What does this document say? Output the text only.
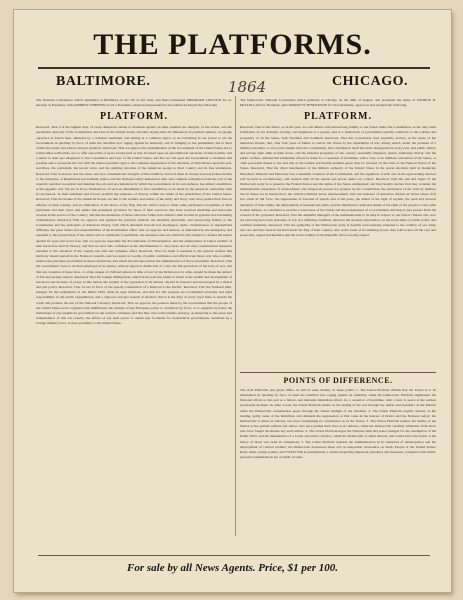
THE PLATFORMS.
1864
BALTIMORE.
The National Convention which assembled at Baltimore on the 7th of last June, and there nominated ABRAHAM LINCOLN for re-election as President, with ANDREW JOHNSON as Vice-President, adopted and presented to the American People the following
PLATFORM.
Resolved, That it is the highest duty of every American citizen to maintain against all their enemies the integrity of the Union, and the paramount authority of the Constitution and laws of the United States; and that, laying aside all differences of political opinion, we pledge ourselves as Union men, animated by a common sentiment, and aiming at a common object, to do everything in our power to aid the Government in quelling by force of arms the rebellion now raging against its authority, and in bringing to the punishment due to their crimes the rebels and traitors arrayed against it. Resolved, That we approve the determination of the Government of the United States not to compromise with rebels, nor to offer any terms of peace except such as may be based upon an unconditional surrender of their hostility and a return to their just allegiance to the Constitution and laws of the United States, and that we call upon the Government to maintain this position and to prosecute the war with the utmost possible vigor to the complete suppression of the rebellion, in full reliance upon the self-sacrifices, the patriotism, the heroic valor, and the undying devotion of the American people to their country and its free institutions. Resolved, That as slavery was the cause, and now constitutes the strength, of this rebellion, and as it must be always and everywhere hostile to the principles of Republican Government, justice and the National safety demand its utter and complete extirpation from the soil of the republic; and that we uphold and maintain the acts and proclamations by which the Government, in its own defence, has aimed a deathblow at this gigantic evil. We are in favor, furthermore, of such an amendment to the Constitution, to be made by the people in conformity with its provisions, as shall terminate and forever prohibit the existence of Slavery within the limits of the jurisdiction of the United States. Resolved, That the thanks of the American People are due to the soldiers and sailors of the Army and Navy, who have periled their lives in defence of their country, and in vindication of the honor of the flag; that the nation owes to them some permanent recognition of their patriotism and their valor, and ample and permanent provision for those of their survivors who have received disabling and honorable wounds in the service of the country; and that the memories of those who have fallen in its defence shall be held in grateful and everlasting remembrance. Resolved, That we approve and applaud the practical wisdom, the unselfish patriotism, and unswerving fidelity to the Constitution and the principles of American liberty, with which Abraham Lincoln has discharged, under circumstances of unparalleled difficulty, the great duties and responsibilities of the Presidential office; that we approve and indorse, as demanded by the emergency and essential to the preservation of the nation and as within the Constitution, the measures and acts which he has adopted to defend the nation against its open and secret foes; that we approve especially the Proclamation of Emancipation, and the employment as Union soldiers of men heretofore held in Slavery; and that we have full confidence in his determination to carry these and all other constitutional measures essential to the salvation of the country into full and complete effect. Resolved, That we deem it essential to the general welfare that harmony should prevail in the National councils, and we regard as worthy of public confidence and official trust those only who cordially indorse the principles proclaimed in these resolutions, and which should characterize the administration of the Government. Resolved, That the Government owes to all men employed in its armies, without regard to distinction of color, the full protection of the laws of war; and that any violation of these laws, or of the usages of civilized nations in time of war by the Rebels now in arms, should be made the subject of full and prompt redress. Resolved, That the foreign immigration, which in the past has added so much to the wealth and development of resources and increase of power to this nation, the asylum of the oppressed of all nations, should be fostered and encouraged by a liberal and just policy. Resolved, That we are in favor of the speedy construction of a Railroad to the Pacific. Resolved, That the National faith, pledged for the redemption of the Public Debt, must be kept inviolate, and that for this purpose we recommend economy and rigid responsibility in the public expenditures, and a vigorous and just system of taxation; that it is the duty of every loyal State to sustain the credit and promote the use of the National Currency. Resolved, That we approve the position taken by the Government that the people of the United States never regarded with indifference the attempt of any European power to overthrow by force, or to supplant by fraud, the institutions of any republican government on the western continent, and that they view with extreme jealousy, as menacing to the peace and independence of this our country, the efforts of any such power to obtain new footholds for monarchical governments, sustained by a foreign military force, in near proximity to the United States.
CHICAGO.
The Democratic National Convention which gathered at Chicago on the 29th of August, and presented the name of GEORGE B. McCLELLAN for President, and GEORGE H. PENDLETON for Vice-President, agreed on and adopted the following
PLATFORM.
Resolved, That in the future, as in the past, we will adhere with unswerving fidelity to the Union under the Constitution, as the only solid foundation of our strength, security, and happiness as a people, and as a framework of government equally conducive to the welfare and prosperity of all the States, both Northern and Southern. Resolved, That this Convention does explicitly declare, as the sense of the American People, that, after four years of failure to restore the Union by the experiment of war, during which, under the pretense of a military necessity or war power higher than the Constitution, the Constitution itself has been disregarded in every part, and public liberty and private right alike trodden down, and the material prosperity of the country essentially impaired, justice, humanity, liberty, and the public welfare, demand that immediate efforts be made for a cessation of hostilities, with a view to an ultimate convention of the States, or other peaceable means to the end that at the earliest practicable moment peace may be restored on the basis of the Federal Union of the States. Resolved, That the direct interference of the military authority of the United States in the recent elections held in Kentucky, Maryland, Missouri and Delaware was a shameful violation of the Constitution, and the repetition of such acts in the approaching election will be held as revolutionary, and resisted with all the means and power under our control. Resolved, That the aim and object of the Democratic party is to preserve the Federal Union and the rights of the States unimpaired; and they hereby declare that they consider the administrative usurpation of extraordinary and dangerous powers not granted by the Constitution, the subversion of the civil by military law in States not in insurrection, the arbitrary military arrest, imprisonment, trial and sentence of American citizens in States where civil law exists in full force, the suppression of freedom of speech and of the press, the denial of the right of asylum, the open and avowed disregard of State rights, the employment of unusual test-oaths, and the interference with and denial of the right of the people to bear arms in their defense, as calculated to prevent a restoration of the Union and the perpetuation of a Government deriving its just powers from the consent of the governed. Resolved, That the shameful disregard of the Administration to its duty in respect to our fellow citizens who now are and long have been prisoners of war in a suffering condition, deserves the severest reprobation, on the score alike of public policy and common humanity. Resolved, That the sympathy of the Democratic party is heartily and earnestly extended to the soldiery of our army, who are and have been in the field under the flag of their country; and, in the event of its attaining power, they will receive all the care and protection, regard and kindness that the brave soldiers of the Republic have so nobly earned.
POINTS OF DIFFERENCE.
The rival Platforms just given, differ, as will be seen, mainly on these points: 1. The Union Platform affirms that the Union is to be maintained by quelling by force of arms the rebellion now raging against its authority; while the Democratic Platform stigmatizes the National efforts to this end as a failure, and demands immediate efforts for a cessation of hostilities, with a view to peace at the earliest practicable moment. In other words: the Union Platform insists on the ending of the war through the defeat and surrender of the Rebels; while the Democratic contemplates peace through the virtual triumph of the rebellion. 2. The Union Platform regards Slavery as the leading, guilty cause of the Rebellion, and demands the suppression of that cause in the interest of Justice and the National safety; the Democratic is silent on Slavery, not even condemning its continuance as in the Union. 3. The Union Platform tenders the thanks of the Nation to the gallant soldiers and sailors who have periled their lives in its defence; while the Democratic carefully withholds from those who have fought the Rebels any such tribute. 4. The Union Platform urges the National faith and honor pledged for the redemption of the Public Debt, and the maintenance of a sound and stable currency; while the Democratic is silent thereon, and would leave the nation at the mercy of those who hold its obligations. 5. The Union Platform upholds the Administration in its measures of emancipation and the employment of colored soldiers; the Democratic denounces these acts as usurpation. Pronounce on them, People of the United States! Read, mark, weigh, ponder, and VOTE! This is preeminently a contest respecting important principles and measures, compared with which, personal considerations are of small account.
For sale by all News Agents. Price, $1 per 100.
